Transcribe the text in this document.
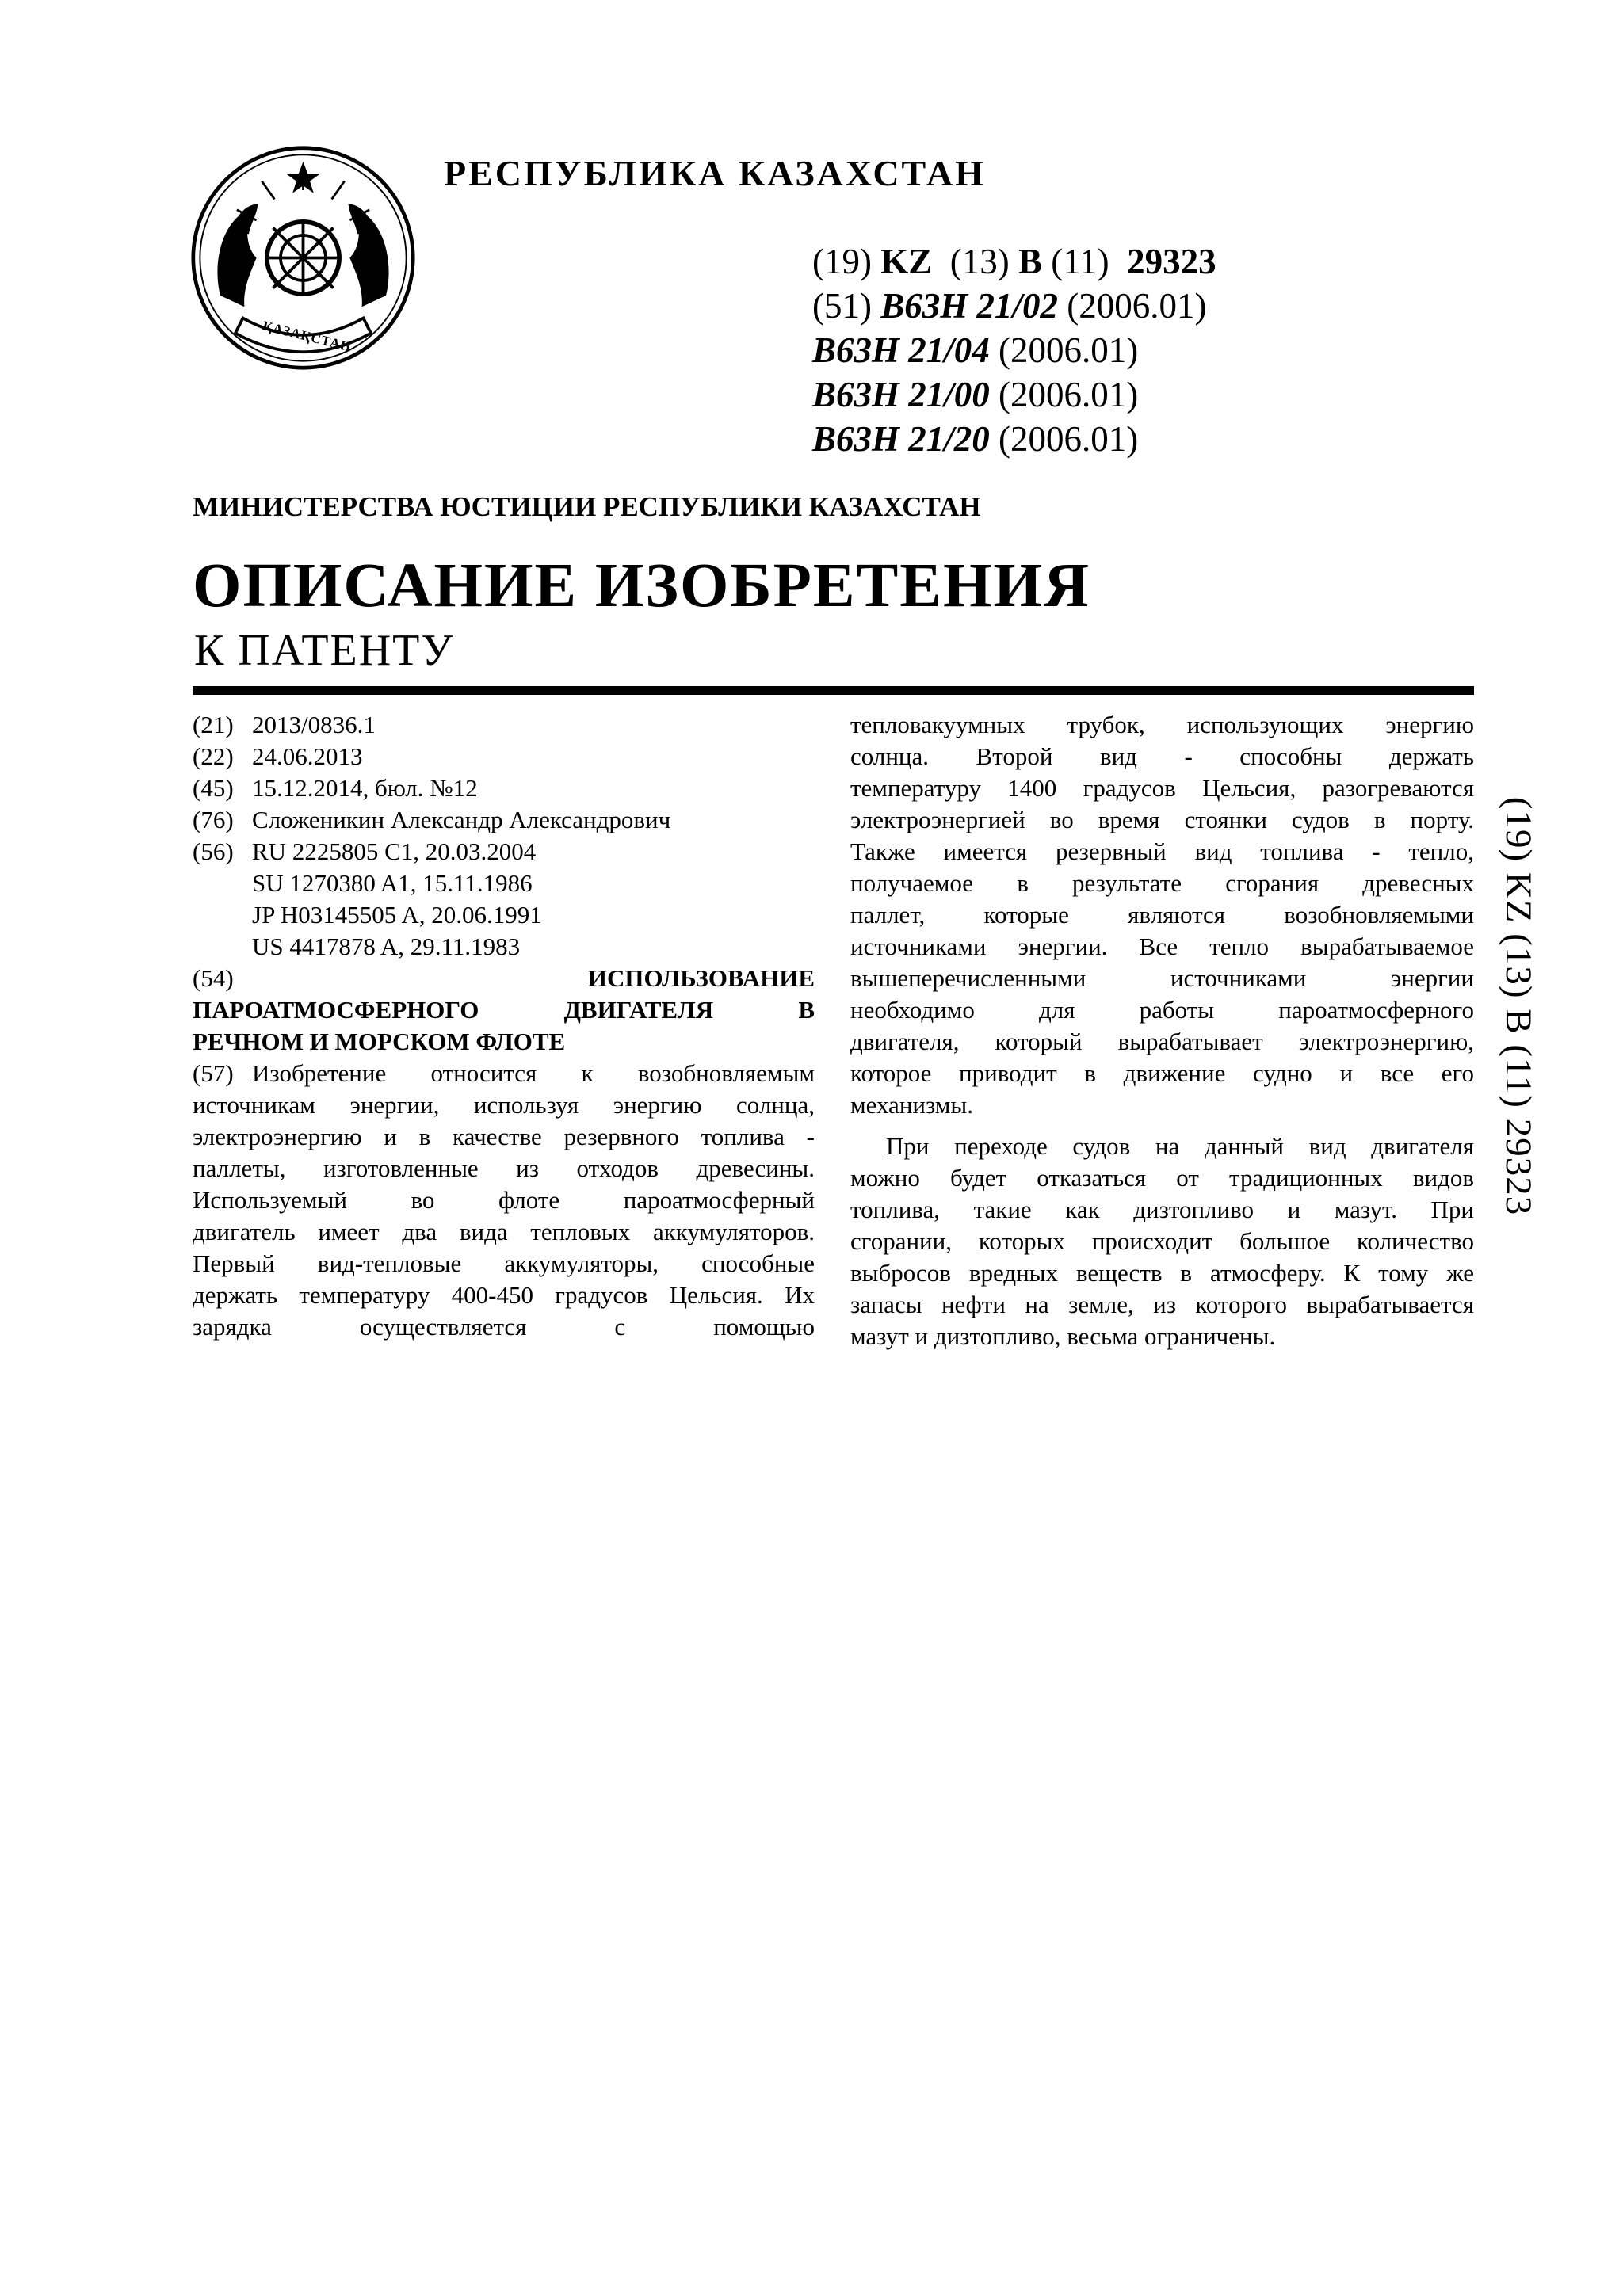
ҚАЗАҚСТАН
РЕСПУБЛИКА КАЗАХСТАН
(19) KZ (13) B (11) 29323
(51) B63H 21/02 (2006.01)
B63H 21/04 (2006.01)
B63H 21/00 (2006.01)
B63H 21/20 (2006.01)
МИНИСТЕРСТВА ЮСТИЦИИ РЕСПУБЛИКИ КАЗАХСТАН
ОПИСАНИЕ ИЗОБРЕТЕНИЯ
К ПАТЕНТУ
(21) 2013/0836.1
(22) 24.06.2013
(45) 15.12.2014, бюл. №12
(76) Сложеникин Александр Александрович
(56) RU 2225805 C1, 20.03.2004
SU 1270380 A1, 15.11.1986
JP H03145505 A, 20.06.1991
US 4417878 A, 29.11.1983
(54)	ИСПОЛЬЗОВАНИЕ
ПАРОАТМОСФЕРНОГО ДВИГАТЕЛЯ В
РЕЧНОМ И МОРСКОМ ФЛОТЕ
(57) Изобретение относится к возобновляемым
источникам энергии, используя энергию солнца,
электроэнергию и в качестве резервного топлива -
паллеты, изготовленные из отходов древесины.
Используемый во флоте пароатмосферный
двигатель имеет два вида тепловых аккумуляторов.
Первый вид-тепловые аккумуляторы, способные
держать температуру 400-450 градусов Цельсия. Их
зарядка осуществляется с помощью
тепловакуумных трубок, использующих энергию
солнца. Второй вид - способны держать
температуру 1400 градусов Цельсия, разогреваются
электроэнергией во время стоянки судов в порту.
Также имеется резервный вид топлива - тепло,
получаемое в результате сгорания древесных
паллет, которые являются возобновляемыми
источниками энергии. Все тепло вырабатываемое
вышеперечисленными источниками энергии
необходимо для работы пароатмосферного
двигателя, который вырабатывает электроэнергию,
которое приводит в движение судно и все его
механизмы.
При переходе судов на данный вид двигателя
можно будет отказаться от традиционных видов
топлива, такие как дизтопливо и мазут. При
сгорании, которых происходит большое количество
выбросов вредных веществ в атмосферу. К тому же
запасы нефти на земле, из которого вырабатывается
мазут и дизтопливо, весьма ограничены.
(19) KZ (13) B (11) 29323
